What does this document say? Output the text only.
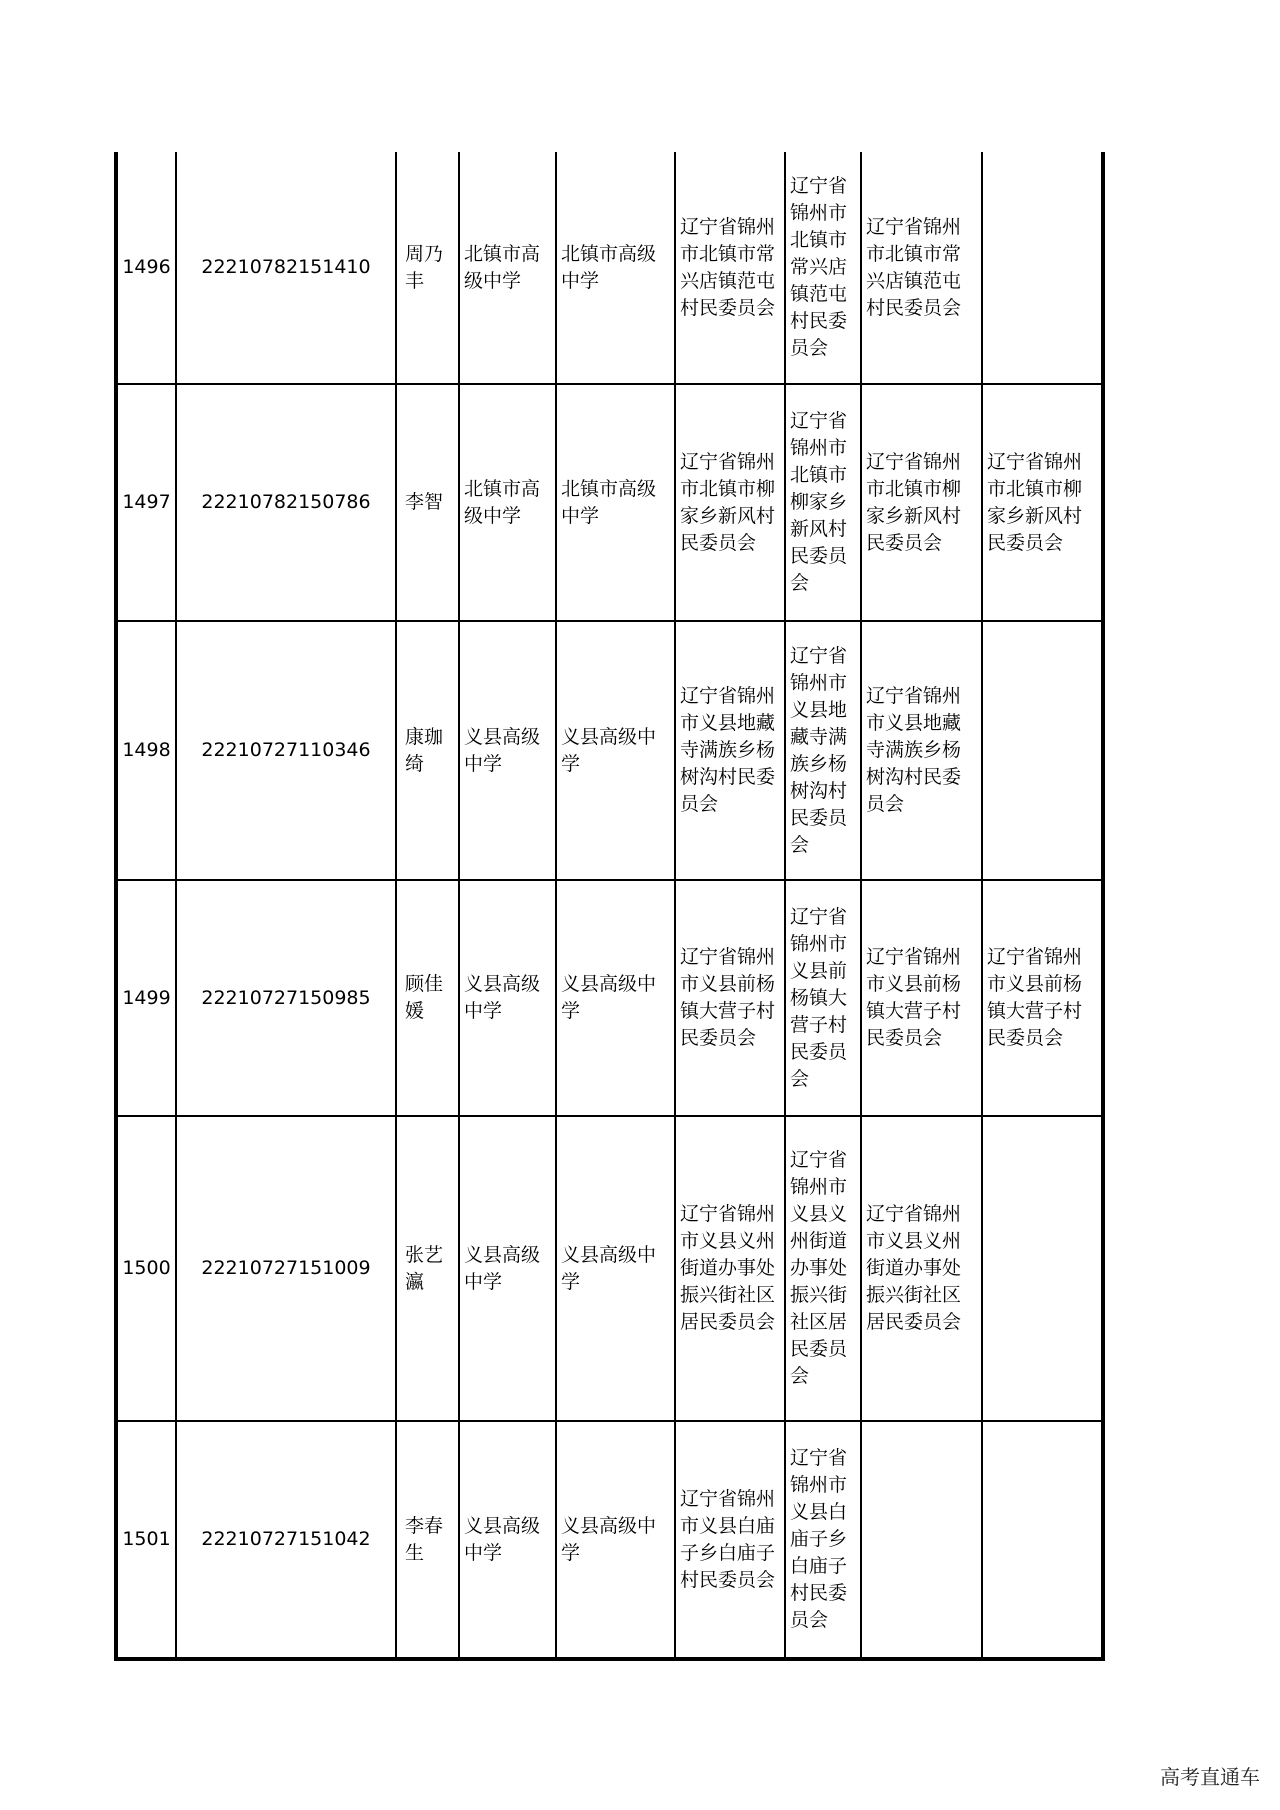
1496	22210782151410	周乃丰	北镇市高级中学	北镇市高级中学	辽宁省锦州市北镇市常兴店镇范屯村民委员会	辽宁省锦州市北镇市常兴店镇范屯村民委员会	辽宁省锦州市北镇市常兴店镇范屯村民委员会	
1497	22210782150786	李智	北镇市高级中学	北镇市高级中学	辽宁省锦州市北镇市柳家乡新风村民委员会	辽宁省锦州市北镇市柳家乡新风村民委员会	辽宁省锦州市北镇市柳家乡新风村民委员会	辽宁省锦州市北镇市柳家乡新风村民委员会
1498	22210727110346	康珈绮	义县高级中学	义县高级中学	辽宁省锦州市义县地藏寺满族乡杨树沟村民委员会	辽宁省锦州市义县地藏寺满族乡杨树沟村民委员会	辽宁省锦州市义县地藏寺满族乡杨树沟村民委员会	
1499	22210727150985	顾佳媛	义县高级中学	义县高级中学	辽宁省锦州市义县前杨镇大营子村民委员会	辽宁省锦州市义县前杨镇大营子村民委员会	辽宁省锦州市义县前杨镇大营子村民委员会	辽宁省锦州市义县前杨镇大营子村民委员会
1500	22210727151009	张艺瀛	义县高级中学	义县高级中学	辽宁省锦州市义县义州街道办事处振兴街社区居民委员会	辽宁省锦州市义县义州街道办事处振兴街社区居民委员会	辽宁省锦州市义县义州街道办事处振兴街社区居民委员会	
1501	22210727151042	李春生	义县高级中学	义县高级中学	辽宁省锦州市义县白庙子乡白庙子村民委员会	辽宁省锦州市义县白庙子乡白庙子村民委员会		
高考直通车
